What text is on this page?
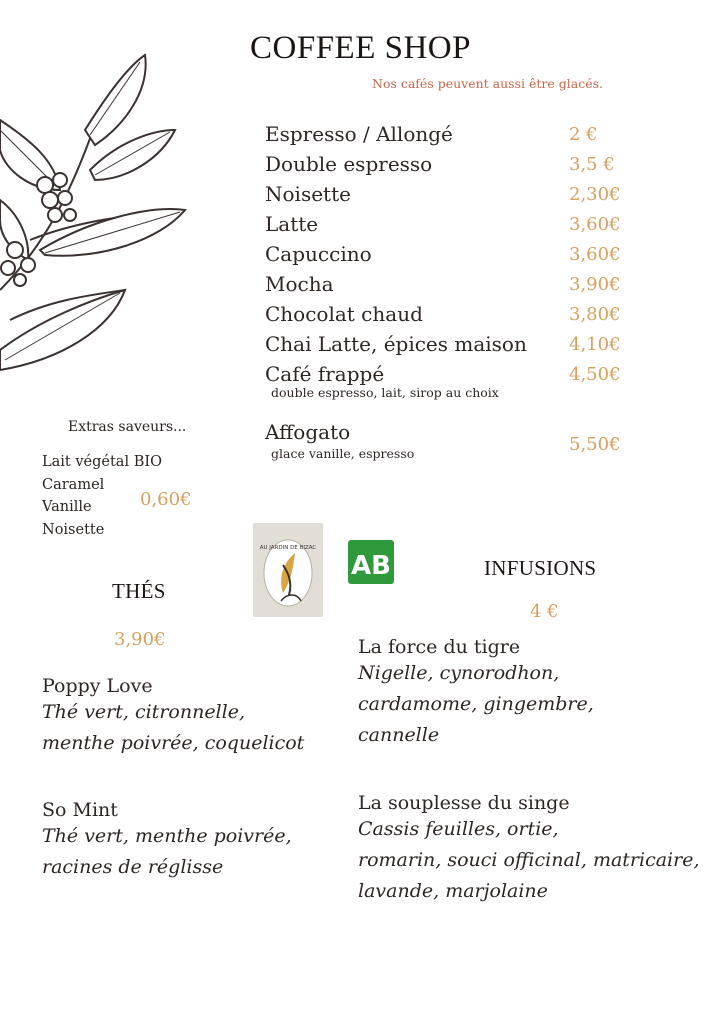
COFFEE SHOP
Nos cafés peuvent aussi être glacés.
Espresso / Allongé	2 €
Double espresso	3,5 €
Noisette	2,30€
Latte	3,60€
Capuccino	3,60€
Mocha	3,90€
Chocolat chaud	3,80€
Chai Latte, épices maison 4,10€
Café frappé	4,50€
double espresso, lait, sirop au choix
Affogato
glace vanille, espresso	5,50€
Extras saveurs...
Lait végétal BIO
Caramel
Vanille
Noisette
0,60€
AU JARDIN DE BIZAC
AB
THÉS
3,90€
Poppy Love
Thé vert, citronnelle,
menthe poivrée, coquelicot
So Mint
Thé vert, menthe poivrée,
racines de réglisse
INFUSIONS
4 €
La force du tigre
Nigelle, cynorodhon,
cardamome, gingembre,
cannelle
La souplesse du singe
Cassis feuilles, ortie,
romarin, souci officinal, matricaire,
lavande, marjolaine
